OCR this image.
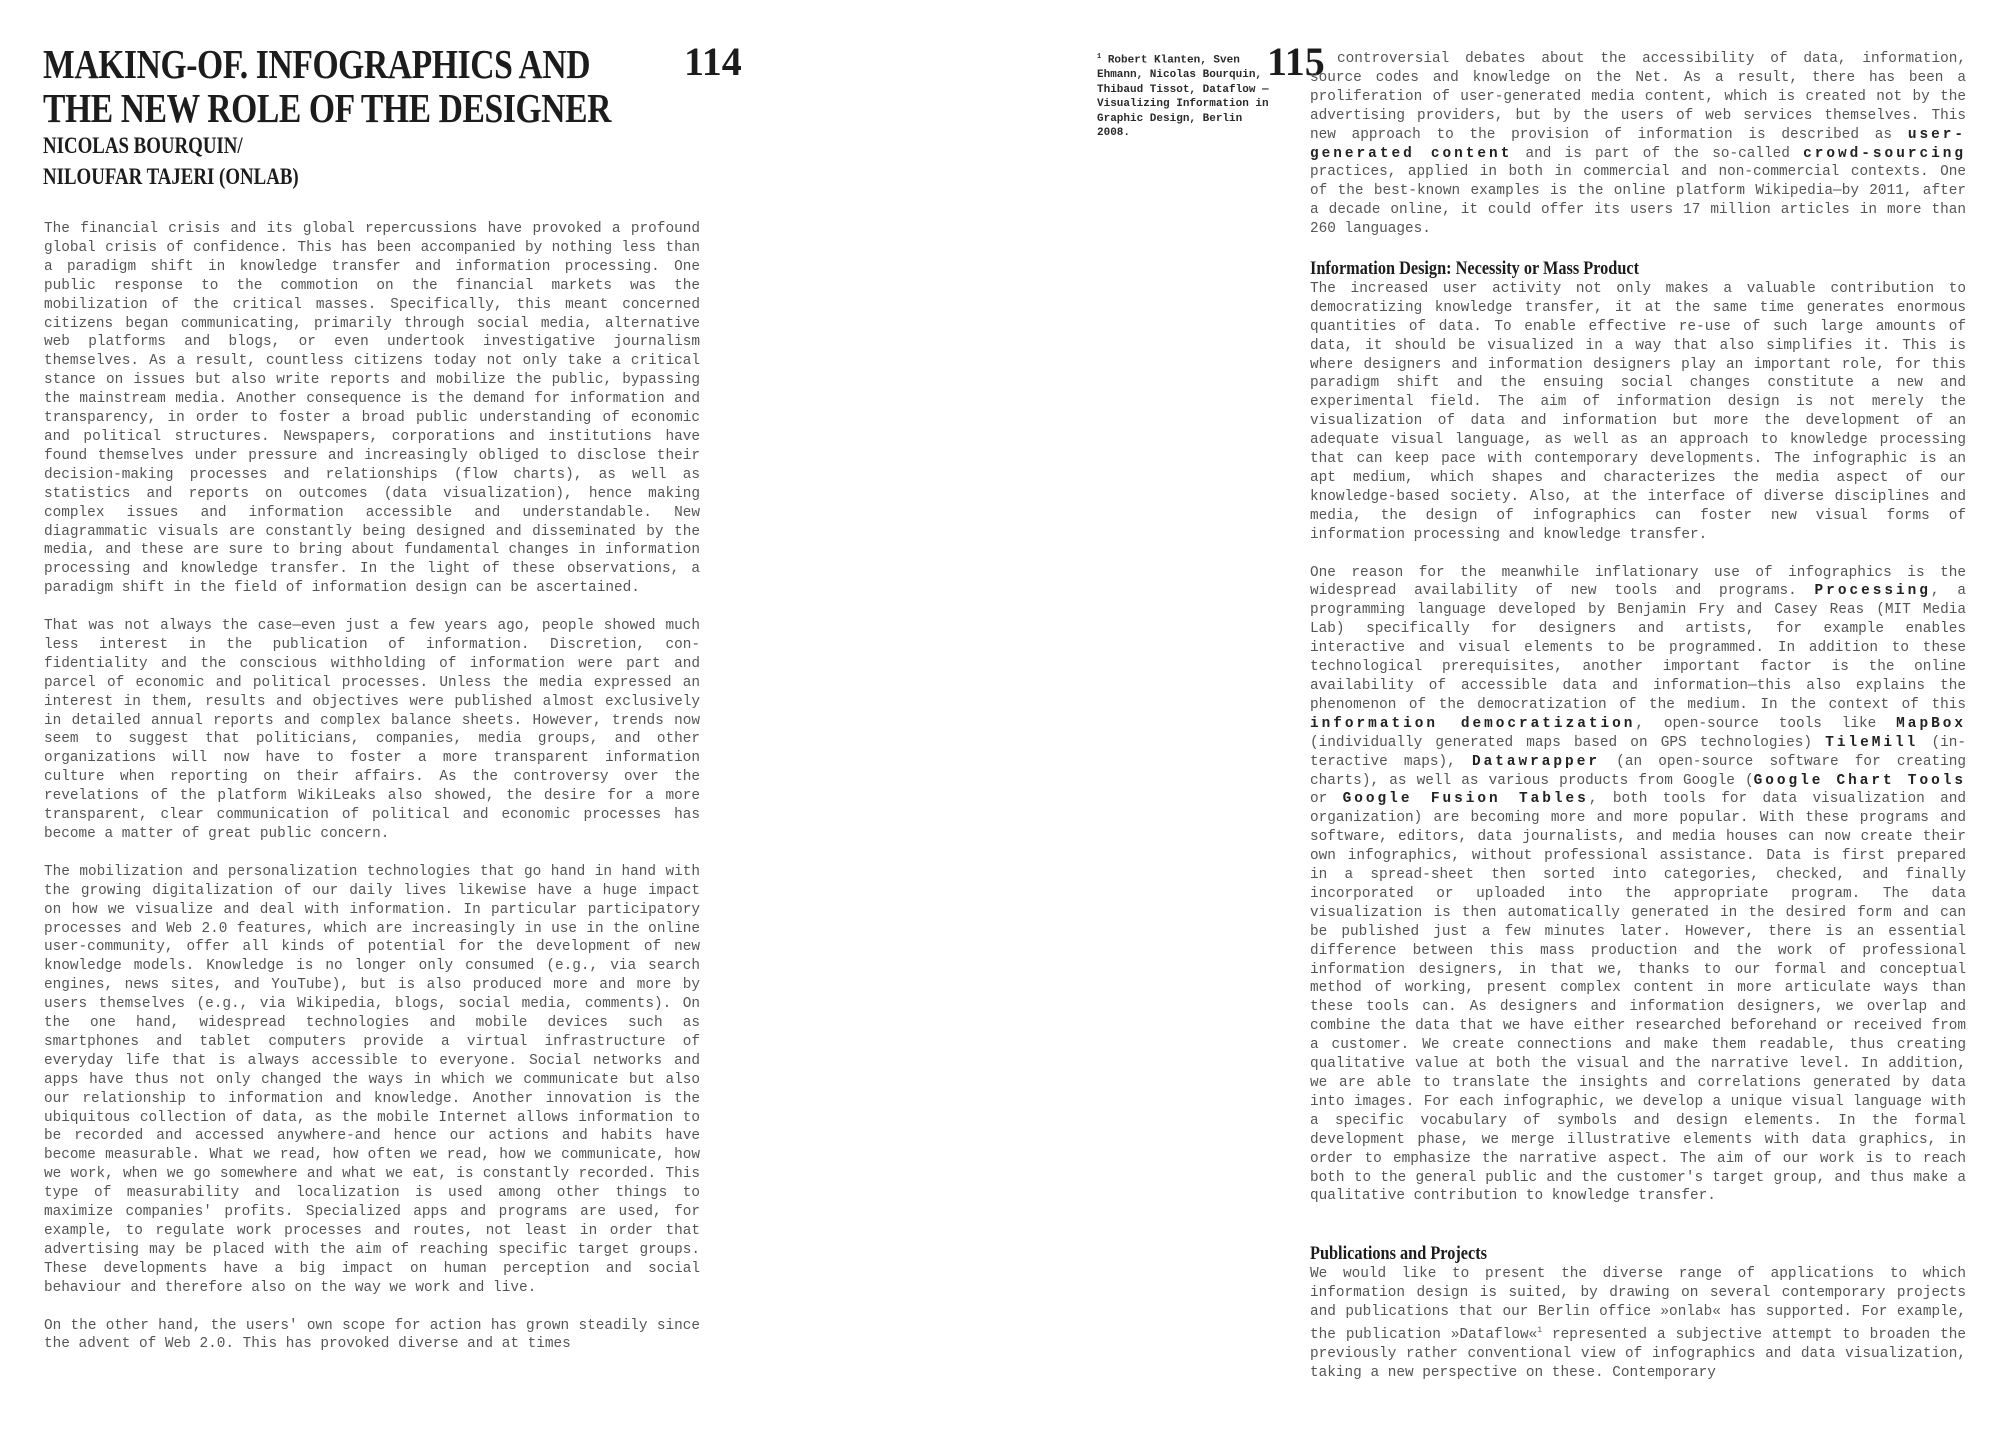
MAKING-OF. INFOGRAPHICS AND
THE NEW ROLE OF THE DESIGNER
114
NICOLAS BOURQUIN/
NILOUFAR TAJERI (ONLAB)

The financial crisis and its global repercussions have provoked a profound global crisis of confidence. This has been accompanied by nothing less than a paradigm shift in knowledge transfer and information processing. One public response to the commotion on the financial markets was the mobilization of the critical masses. Specifically, this meant concerned citizens began communicating, primarily through social media, alternative web platforms and blogs, or even undertook investigative journalism themselves. As a result, countless citizens today not only take a critical stance on issues but also write reports and mobilize the public, bypassing the mainstream media. Another consequence is the demand for information and transparency, in order to foster a broad public understanding of economic and political structures. Newspapers, corporations and institutions have found themselves under pressure and increasingly obliged to disclose their decision-making processes and relationships (flow charts), as well as statistics and reports on outcomes (data visualization), hence making complex issues and information accessible and understandable. New diagrammatic visuals are constantly being designed and disseminated by the media, and these are sure to bring about fundamental changes in information processing and knowledge transfer. In the light of these observations, a paradigm shift in the field of information design can be ascertained.

That was not always the case—even just a few years ago, people showed much less interest in the publication of information. Discretion, confidentiality and the conscious withholding of information were part and parcel of economic and political processes. Unless the media expressed an interest in them, results and objectives were published almost exclusively in detailed annual reports and complex balance sheets. However, trends now seem to suggest that politicians, companies, media groups, and other organizations will now have to foster a more transparent information culture when reporting on their affairs. As the controversy over the revelations of the platform WikiLeaks also showed, the desire for a more transparent, clear communication of political and economic processes has become a matter of great public concern.

The mobilization and personalization technologies that go hand in hand with the growing digitalization of our daily lives likewise have a huge impact on how we visualize and deal with information. In particular participatory processes and Web 2.0 features, which are increasingly in use in the online user-community, offer all kinds of potential for the development of new knowledge models. Knowledge is no longer only consumed (e.g., via search engines, news sites, and YouTube), but is also produced more and more by users themselves (e.g., via Wikipedia, blogs, social media, comments). On the one hand, widespread technologies and mobile devices such as smartphones and tablet computers provide a virtual infrastructure of everyday life that is always accessible to everyone. Social networks and apps have thus not only changed the ways in which we communicate but also our relationship to information and knowledge. Another innovation is the ubiquitous collection of data, as the mobile Internet allows information to be recorded and accessed anywhere-and hence our actions and habits have become measurable. What we read, how often we read, how we communicate, how we work, when we go somewhere and what we eat, is constantly recorded. This type of measurability and localization is used among other things to maximize companies' profits. Specialized apps and programs are used, for example, to regulate work processes and routes, not least in order that advertising may be placed with the aim of reaching specific target groups. These developments have a big impact on human perception and social behaviour and therefore also on the way we work and live.

On the other hand, the users' own scope for action has grown steadily since the advent of Web 2.0. This has provoked diverse and at times

$^1$ Robert Klanten, Sven Ehmann, Nicolas Bourquin, Thibaud Tissot, Dataflow — Visualizing Information in Graphic Design, Berlin 2008.
115 controversial debates about the accessibility of data, information, source codes and knowledge on the Net. As a result, there has been a proliferation of user-generated media content, which is created not by the advertising providers, but by the users of web services themselves. This new approach to the provision of information is described as user-generated content and is part of the so-called crowd-sourcing practices, applied in both in commercial and non-commercial contexts. One of the best-known examples is the online platform Wikipedia—by 2011, after a decade online, it could offer its users 17 million articles in more than 260 languages.

Information Design: Necessity or Mass Product

The increased user activity not only makes a valuable contribution to democratizing knowledge transfer, it at the same time generates enormous quantities of data. To enable effective re-use of such large amounts of data, it should be visualized in a way that also simplifies it. This is where designers and information designers play an important role, for this paradigm shift and the ensuing social changes constitute a new and experimental field. The aim of information design is not merely the visualization of data and information but more the development of an adequate visual language, as well as an approach to knowledge processing that can keep pace with contemporary developments. The infographic is an apt medium, which shapes and characterizes the media aspect of our knowledge-based society. Also, at the interface of diverse disciplines and media, the design of infographics can foster new visual forms of information processing and knowledge transfer.

One reason for the meanwhile inflationary use of infographics is the widespread availability of new tools and programs. Processing, a programming language developed by Benjamin Fry and Casey Reas (MIT Media Lab) specifically for designers and artists, for example enables interactive and visual elements to be programmed. In addition to these technological prerequisites, another important factor is the online availability of accessible data and information—this also explains the phenomenon of the democratization of the medium. In the context of this information democratization, open-source tools like MapBox (individually generated maps based on GPS technologies) TileMill (interactive maps), Datawrapper (an open-source software for creating charts), as well as various products from Google (Google Chart Tools or Google Fusion Tables, both tools for data visualization and organization) are becoming more and more popular. With these programs and software, editors, data journalists, and media houses can now create their own infographics, without professional assistance. Data is first prepared in a spread-sheet then sorted into categories, checked, and finally incorporated or uploaded into the appropriate program. The data visualization is then automatically generated in the desired form and can be published just a few minutes later. However, there is an essential difference between this mass production and the work of professional information designers, in that we, thanks to our formal and conceptual method of working, present complex content in more articulate ways than these tools can. As designers and information designers, we overlap and combine the data that we have either researched beforehand or received from a customer. We create connections and make them readable, thus creating qualitative value at both the visual and the narrative level. In addition, we are able to translate the insights and correlations generated by data into images. For each infographic, we develop a unique visual language with a specific vocabulary of symbols and design elements. In the formal development phase, we merge illustrative elements with data graphics, in order to emphasize the narrative aspect. The aim of our work is to reach both to the general public and the customer's target group, and thus make a qualitative contribution to knowledge transfer.

Publications and Projects

We would like to present the diverse range of applications to which information design is suited, by drawing on several contemporary projects and publications that our Berlin office »onlab« has supported. For example, the publication »Dataflow«$^1$ represented a subjective attempt to broaden the previously rather conventional view of infographics and data visualization, taking a new perspective on these. Contemporary
